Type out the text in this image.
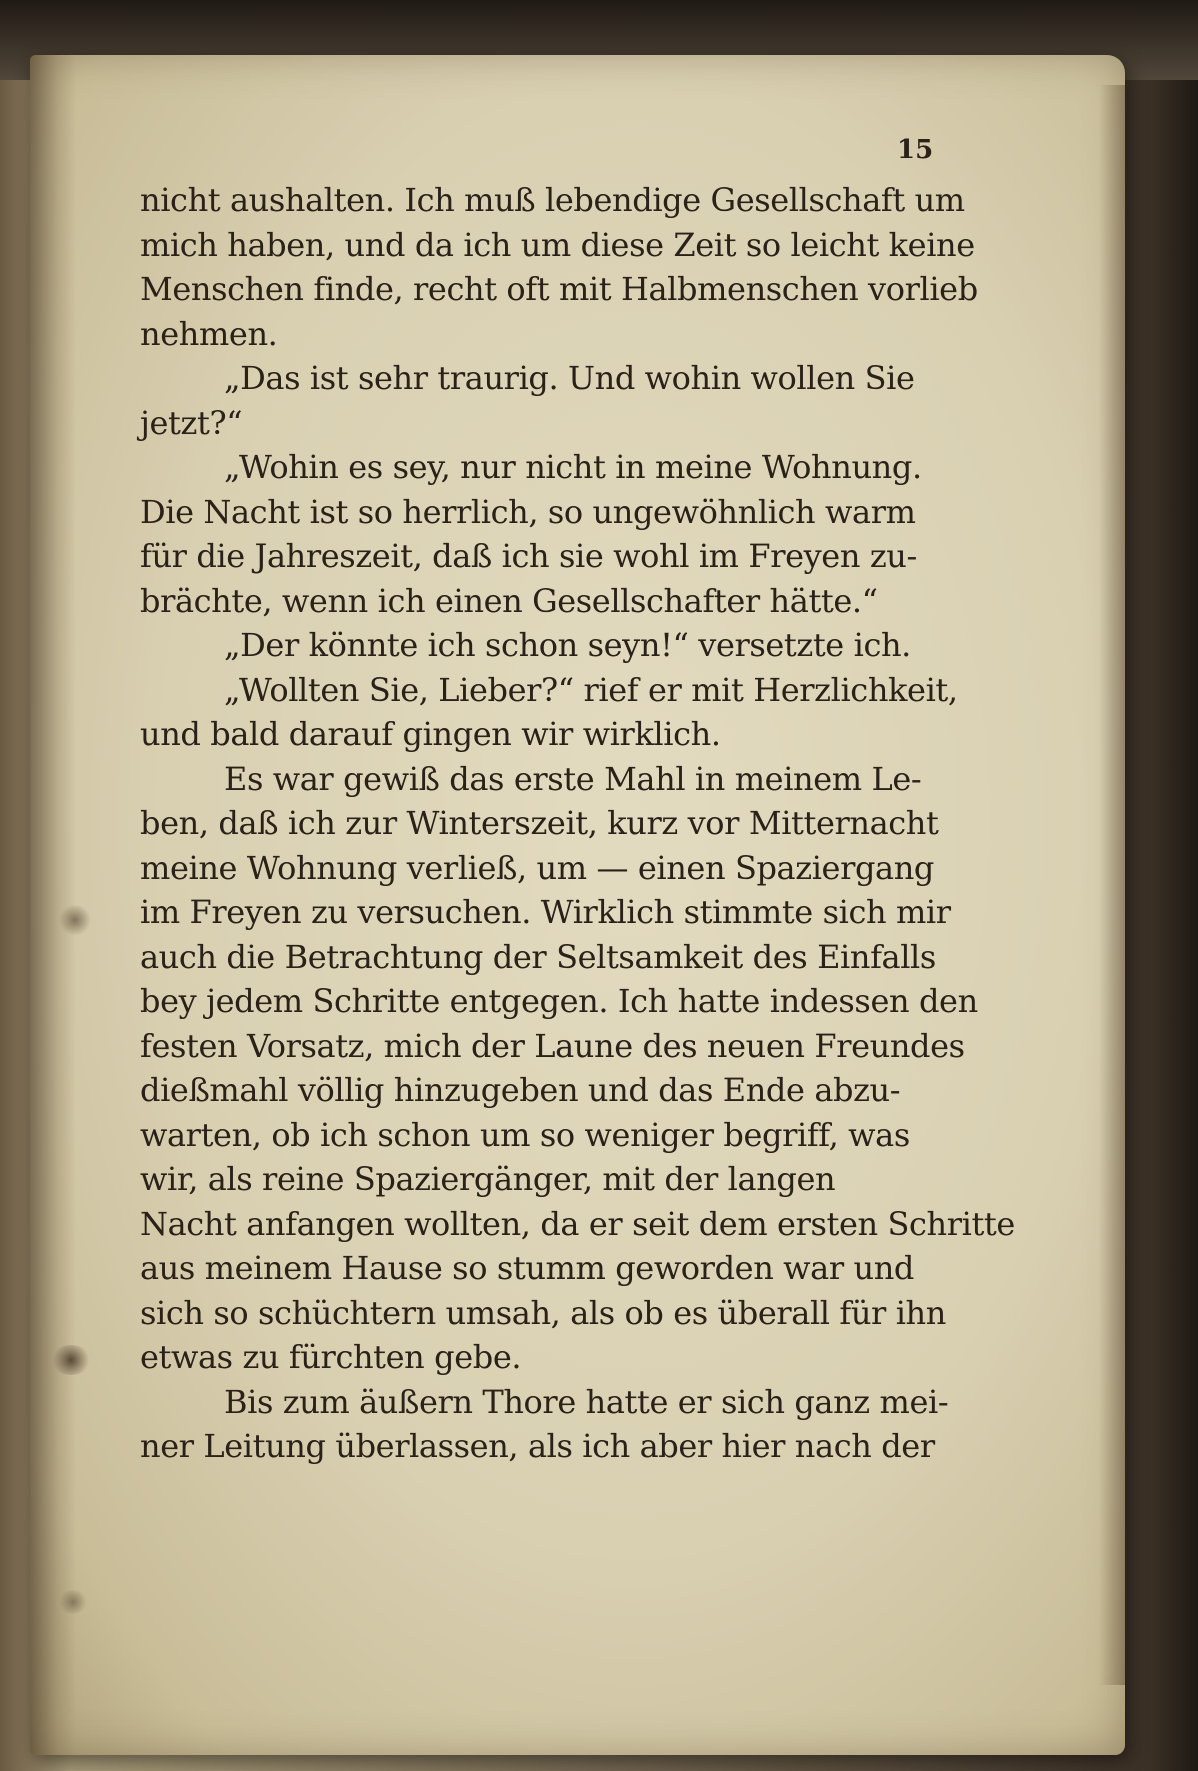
15
nicht aushalten. Ich muß lebendige Gesellschaft um
mich haben, und da ich um diese Zeit so leicht keine
Menschen finde, recht oft mit Halbmenschen vorlieb
nehmen.
„Das ist sehr traurig. Und wohin wollen Sie
jetzt?“
„Wohin es sey, nur nicht in meine Wohnung.
Die Nacht ist so herrlich, so ungewöhnlich warm
für die Jahreszeit, daß ich sie wohl im Freyen zu-
brächte, wenn ich einen Gesellschafter hätte.“
„Der könnte ich schon seyn!“ versetzte ich.
„Wollten Sie, Lieber?“ rief er mit Herzlichkeit,
und bald darauf gingen wir wirklich.
Es war gewiß das erste Mahl in meinem Le-
ben, daß ich zur Winterszeit, kurz vor Mitternacht
meine Wohnung verließ, um — einen Spaziergang
im Freyen zu versuchen. Wirklich stimmte sich mir
auch die Betrachtung der Seltsamkeit des Einfalls
bey jedem Schritte entgegen. Ich hatte indessen den
festen Vorsatz, mich der Laune des neuen Freundes
dießmahl völlig hinzugeben und das Ende abzu-
warten, ob ich schon um so weniger begriff, was
wir, als reine Spaziergänger, mit der langen
Nacht anfangen wollten, da er seit dem ersten Schritte
aus meinem Hause so stumm geworden war und
sich so schüchtern umsah, als ob es überall für ihn
etwas zu fürchten gebe.
Bis zum äußern Thore hatte er sich ganz mei-
ner Leitung überlassen, als ich aber hier nach der
